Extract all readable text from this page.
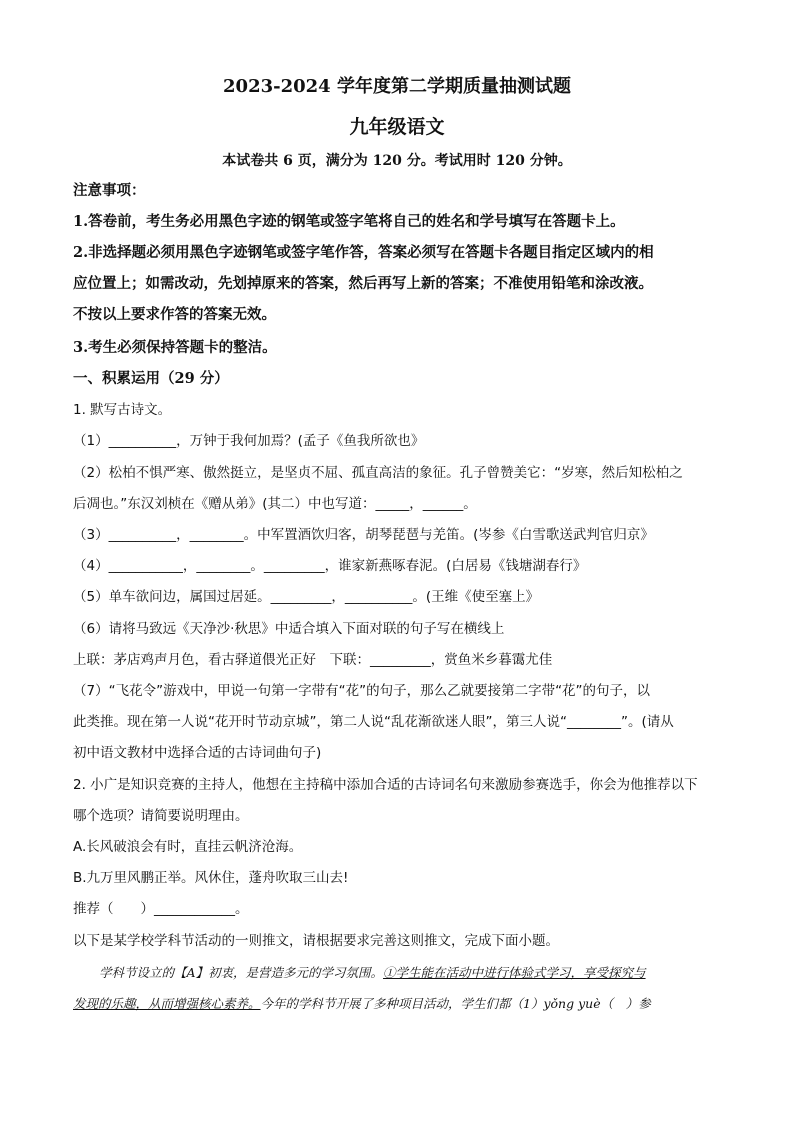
2023-2024 学年度第二学期质量抽测试题
九年级语文
本试卷共 6 页，满分为 120 分。考试用时 120 分钟。
注意事项：
1.答卷前，考生务必用黑色字迹的钢笔或签字笔将自己的姓名和学号填写在答题卡上。
2.非选择题必须用黑色字迹钢笔或签字笔作答，答案必须写在答题卡各题目指定区域内的相
应位置上；如需改动，先划掉原来的答案，然后再写上新的答案；不准使用铅笔和涂改液。
不按以上要求作答的答案无效。
3.考生必须保持答题卡的整洁。
一、积累运用（29 分）
1. 默写古诗文。
（1）__________，万钟于我何加焉？(孟子《鱼我所欲也》
（2）松柏不惧严寒、傲然挺立，是坚贞不屈、孤直高洁的象征。孔子曾赞美它：“岁寒，然后知松柏之
后凋也。”东汉刘桢在《赠从弟》(其二）中也写道：_____，______。
（3）__________，________。中军置酒饮归客，胡琴琵琶与羌笛。(岑参《白雪歌送武判官归京》
（4）___________，________。_________，谁家新燕啄春泥。(白居易《钱塘湖春行》
（5）单车欲问边，属国过居延。_________，__________。(王维《使至塞上》
（6）请将马致远《天净沙·秋思》中适合填入下面对联的句子写在横线上
上联：茅店鸡声月色，看古驿道偎光正好　下联：_________，赏鱼米乡暮霭尤佳
（7）“飞花令”游戏中，甲说一句第一字带有“花”的句子，那么乙就要接第二字带“花”的句子，以
此类推。现在第一人说“花开时节动京城”，第二人说“乱花渐欲迷人眼”，第三人说“________”。(请从
初中语文教材中选择合适的古诗词曲句子)
2. 小广是知识竞赛的主持人，他想在主持稿中添加合适的古诗词名句来激励参赛选手，你会为他推荐以下
哪个选项？请简要说明理由。
A.长风破浪会有时，直挂云帆济沧海。
B.九万里风鹏正举。风休住，蓬舟吹取三山去!
推荐（　　）____________。
以下是某学校学科节活动的一则推文，请根据要求完善这则推文，完成下面小题。
学科节设立的【A】初衷，是营造多元的学习氛围。①学生能在活动中进行体验式学习，享受探究与
发现的乐趣，从而增强核心素养。今年的学科节开展了多种项目活动，学生们都（1）yǒng yuè（　）参
